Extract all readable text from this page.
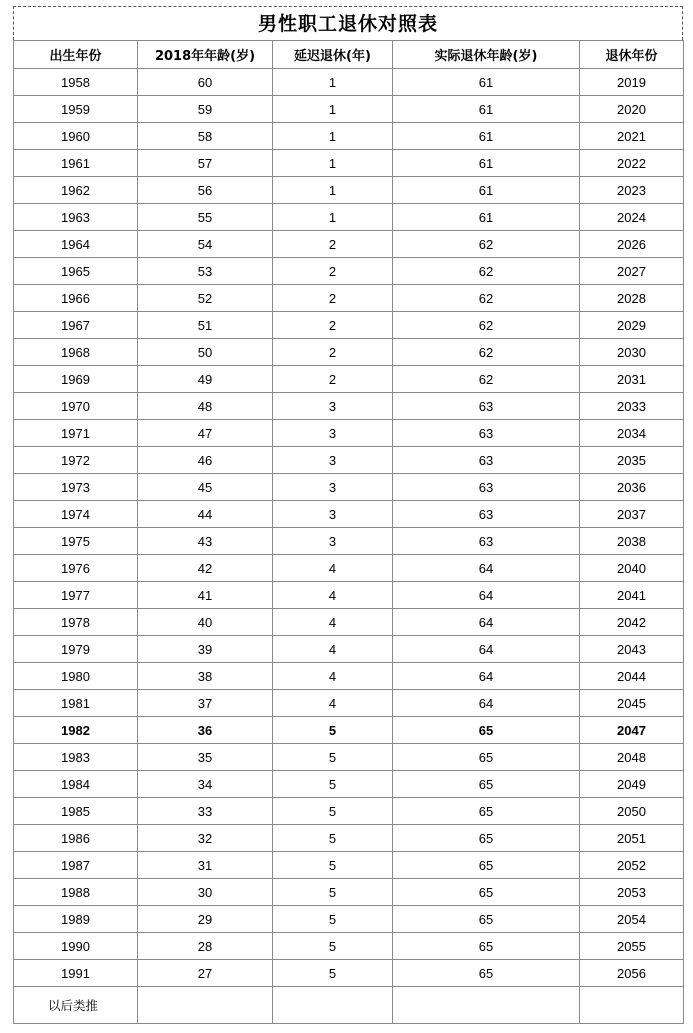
男性职工退休对照表
出生年份	2018年年龄(岁)	延迟退休(年)	实际退休年龄(岁)	退休年份
1958	60	1	61	2019
1959	59	1	61	2020
1960	58	1	61	2021
1961	57	1	61	2022
1962	56	1	61	2023
1963	55	1	61	2024
1964	54	2	62	2026
1965	53	2	62	2027
1966	52	2	62	2028
1967	51	2	62	2029
1968	50	2	62	2030
1969	49	2	62	2031
1970	48	3	63	2033
1971	47	3	63	2034
1972	46	3	63	2035
1973	45	3	63	2036
1974	44	3	63	2037
1975	43	3	63	2038
1976	42	4	64	2040
1977	41	4	64	2041
1978	40	4	64	2042
1979	39	4	64	2043
1980	38	4	64	2044
1981	37	4	64	2045
1982	36	5	65	2047
1983	35	5	65	2048
1984	34	5	65	2049
1985	33	5	65	2050
1986	32	5	65	2051
1987	31	5	65	2052
1988	30	5	65	2053
1989	29	5	65	2054
1990	28	5	65	2055
1991	27	5	65	2056
以后类推				
